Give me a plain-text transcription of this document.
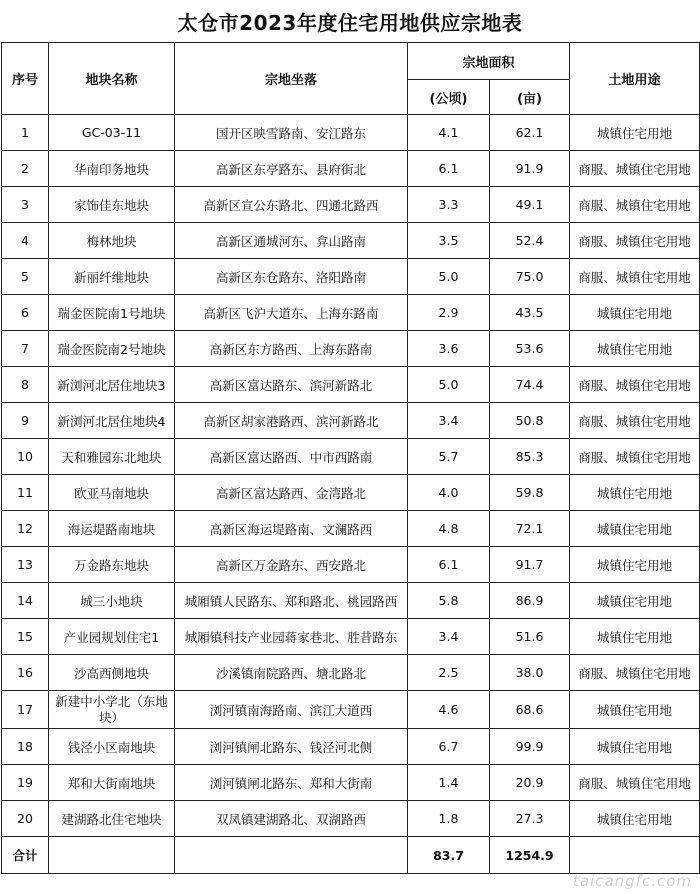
太仓市2023年度住宅用地供应宗地表
序号	地块名称	宗地坐落	宗地面积		土地用途
			(公顷)	(亩)	
1	GC-03-11	国开区映雪路南、安江路东	4.1	62.1	城镇住宅用地
2	华南印务地块	高新区东亭路东、县府街北	6.1	91.9	商服、城镇住宅用地
3	家饰佳东地块	高新区宣公东路北、四通北路西	3.3	49.1	商服、城镇住宅用地
4	梅林地块	高新区通城河东、弇山路南	3.5	52.4	商服、城镇住宅用地
5	新丽纤维地块	高新区东仓路东、洛阳路南	5.0	75.0	商服、城镇住宅用地
6	瑞金医院南1号地块	高新区飞沪大道东、上海东路南	2.9	43.5	城镇住宅用地
7	瑞金医院南2号地块	高新区东方路西、上海东路南	3.6	53.6	城镇住宅用地
8	新浏河北居住地块3	高新区富达路东、滨河新路北	5.0	74.4	商服、城镇住宅用地
9	新浏河北居住地块4	高新区胡家港路西、滨河新路北	3.4	50.8	商服、城镇住宅用地
10	天和雅园东北地块	高新区富达路西、中市西路南	5.7	85.3	商服、城镇住宅用地
11	欧亚马南地块	高新区富达路西、金湾路北	4.0	59.8	城镇住宅用地
12	海运堤路南地块	高新区海运堤路南、文澜路西	4.8	72.1	城镇住宅用地
13	万金路东地块	高新区万金路东、西安路北	6.1	91.7	城镇住宅用地
14	城三小地块	城厢镇人民路东、郑和路北、桃园路西	5.8	86.9	城镇住宅用地
15	产业园规划住宅1	城厢镇科技产业园蒋家巷北、胜昔路东	3.4	51.6	城镇住宅用地
16	沙高西侧地块	沙溪镇南院路西、塘北路北	2.5	38.0	商服、城镇住宅用地
17	新建中小学北（东地块）	浏河镇南海路南、滨江大道西	4.6	68.6	城镇住宅用地
18	钱泾小区南地块	浏河镇闸北路东、钱泾河北侧	6.7	99.9	城镇住宅用地
19	郑和大街南地块	浏河镇闸北路东、郑和大街南	1.4	20.9	商服、城镇住宅用地
20	建湖路北住宅地块	双凤镇建湖路北、双湖路西	1.8	27.3	城镇住宅用地
合计			83.7	1254.9	
taicangfc.com
